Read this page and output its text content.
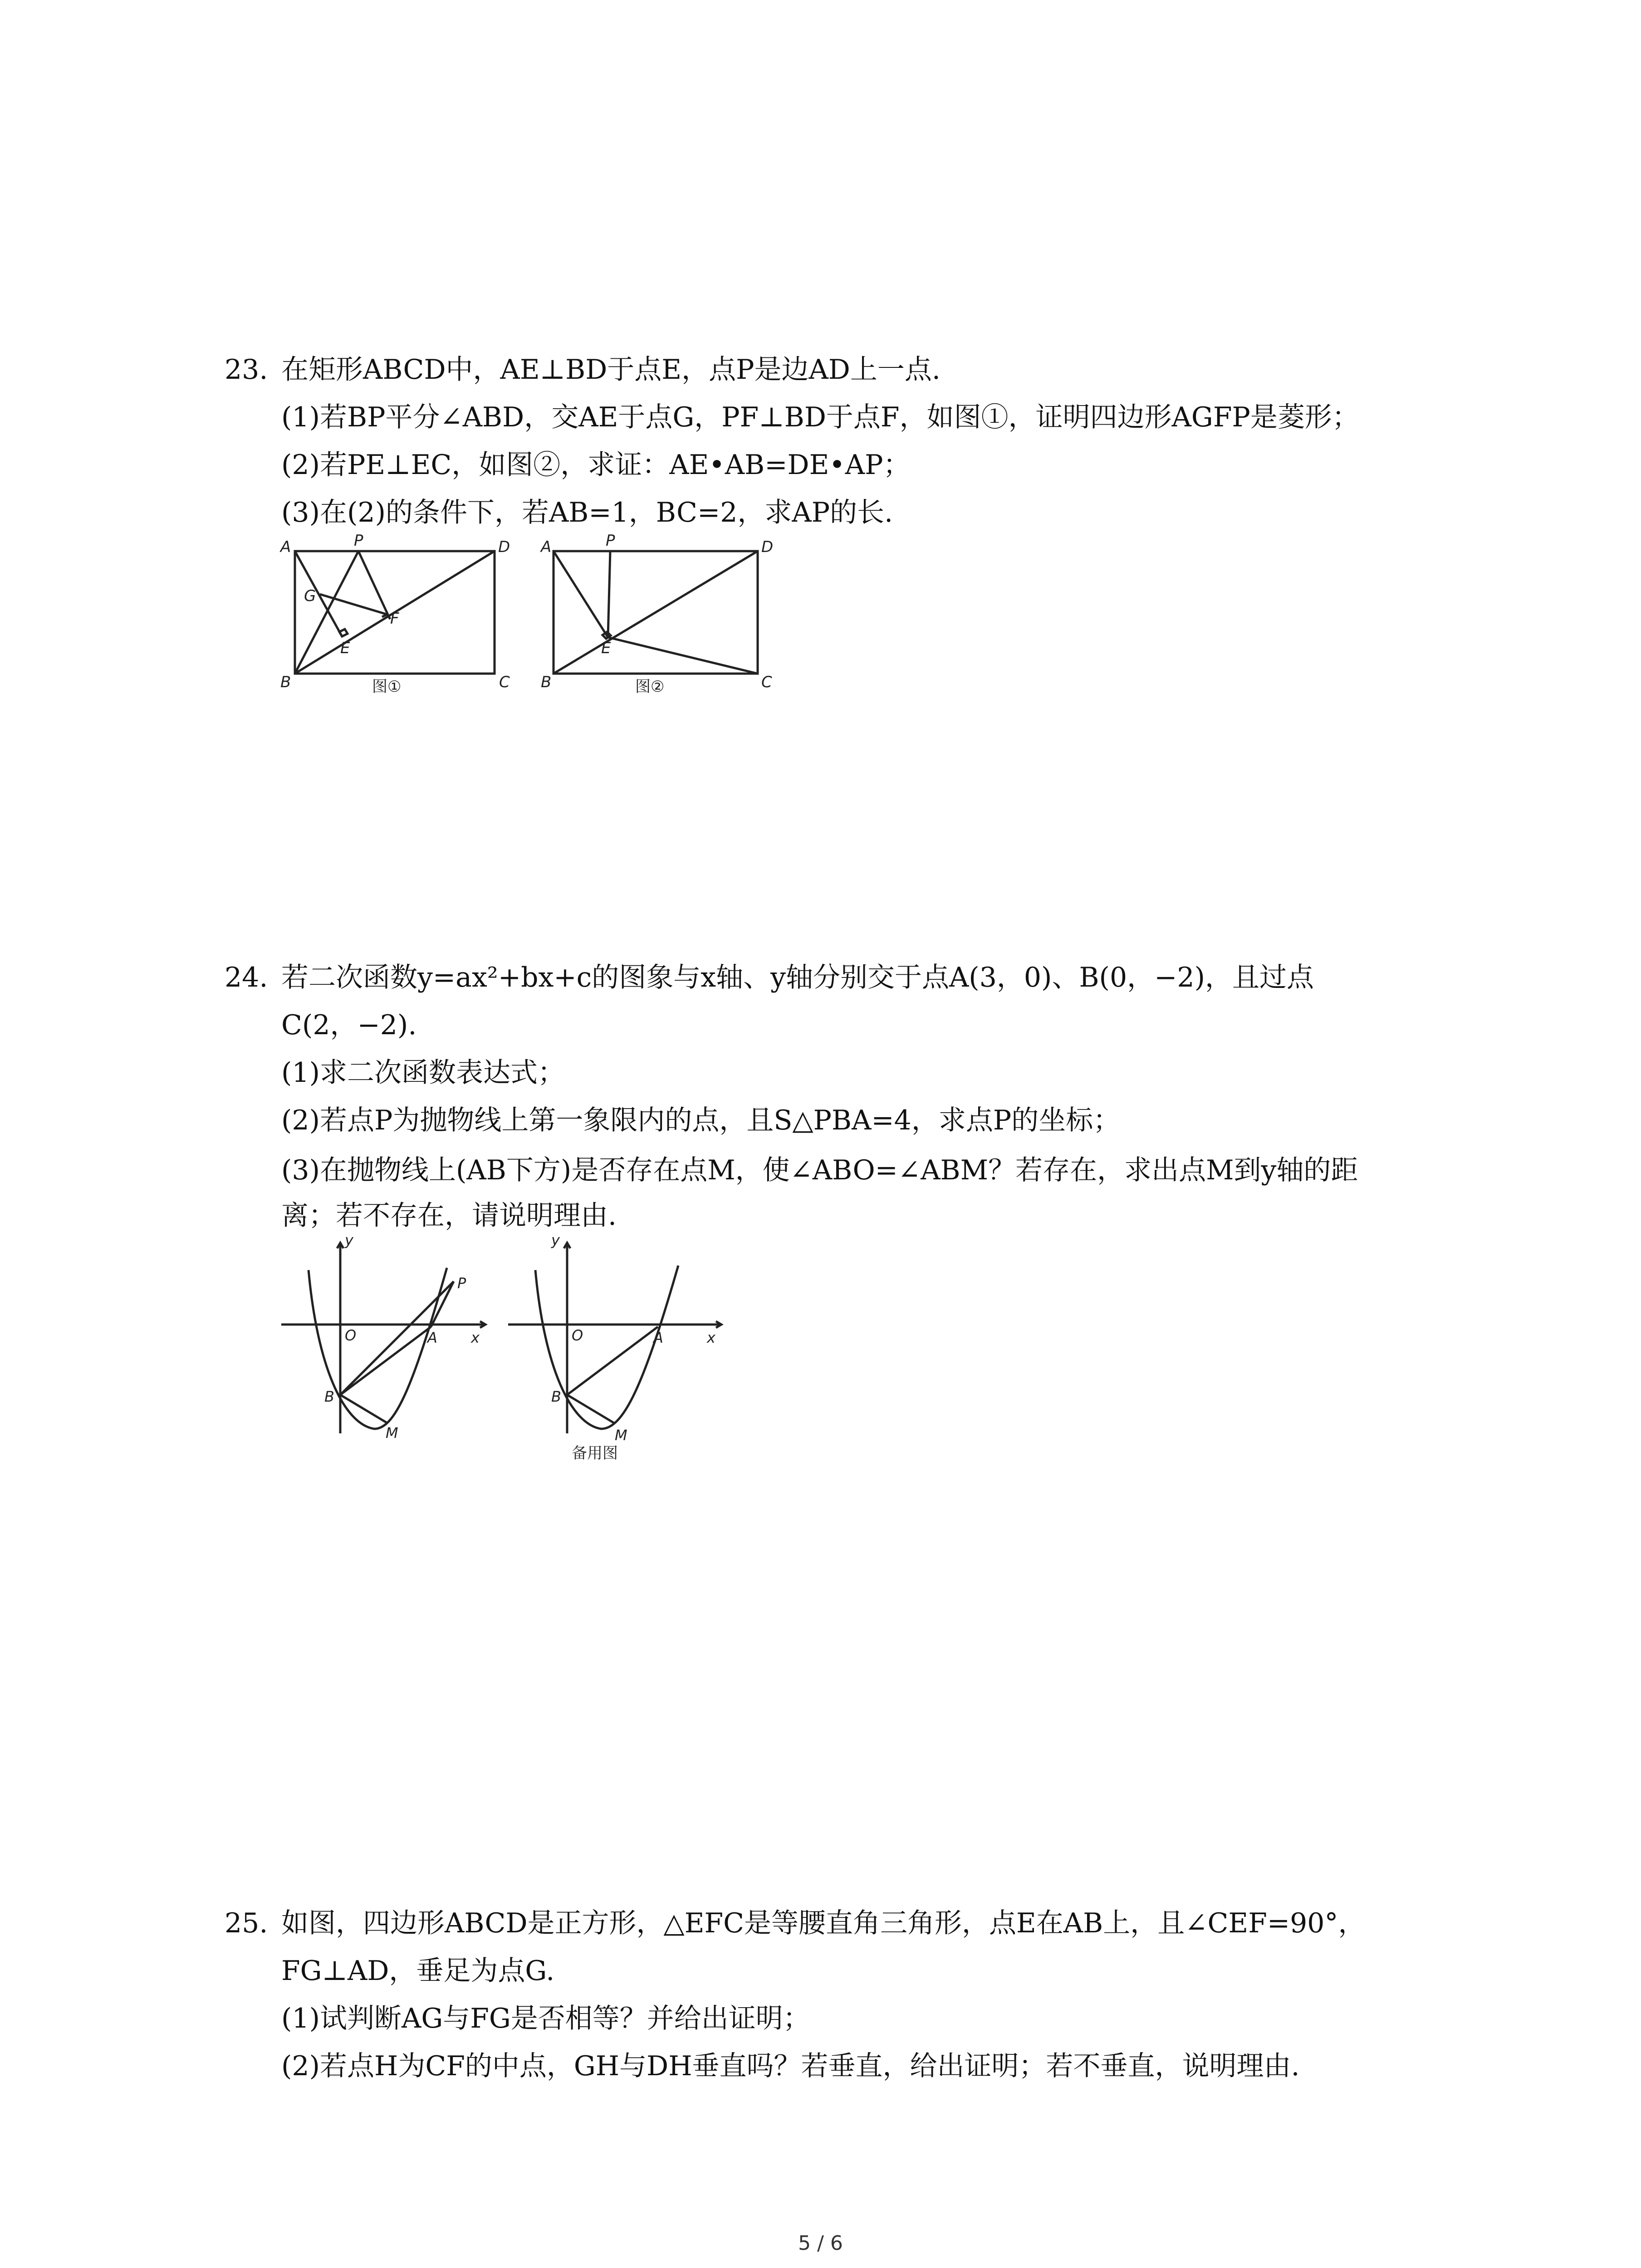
23. 在矩形ABCD中，AE⊥BD于点E，点P是边AD上一点.
(1)若BP平分∠ABD，交AE于点G，PF⊥BD于点F，如图①，证明四边形AGFP是菱形；
(2)若PE⊥EC，如图②，求证：AE•AB=DE•AP；
(3)在(2)的条件下，若AB=1，BC=2，求AP的长.
A	P	D
G
F
E
B	C
图①
A	P	D
E
B	C
图②
24. 若二次函数y=ax²+bx+c的图象与x轴、y轴分别交于点A(3，0)、B(0，−2)，且过点
C(2，−2).
(1)求二次函数表达式；
(2)若点P为抛物线上第一象限内的点，且S△PBA=4，求点P的坐标；
(3)在抛物线上(AB下方)是否存在点M，使∠ABO=∠ABM？若存在，求出点M到y轴的距
离；若不存在，请说明理由.
y
P
O	A x
B
M
y
O	A	x
B
M
备用图
25. 如图，四边形ABCD是正方形，△EFC是等腰直角三角形，点E在AB上，且∠CEF=90°，
FG⊥AD，垂足为点G.
(1)试判断AG与FG是否相等？并给出证明；
(2)若点H为CF的中点，GH与DH垂直吗？若垂直，给出证明；若不垂直，说明理由.
5 / 6
